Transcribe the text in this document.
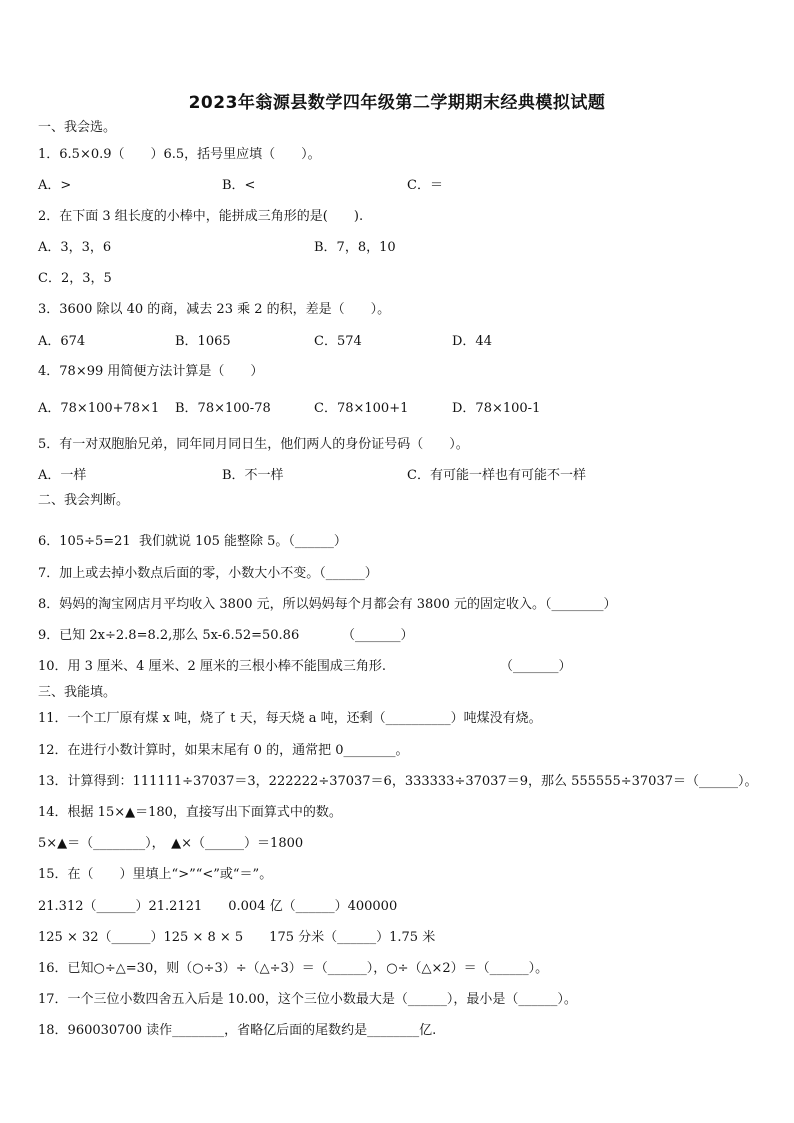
2023年翁源县数学四年级第二学期期末经典模拟试题
一、我会选。
1．6.5×0.9（　　）6.5，括号里应填（　　）。
A．>	B．<	C．＝
2．在下面 3 组长度的小棒中，能拼成三角形的是(　　).
A．3，3，6	B．7，8，10
C．2，3，5
3．3600 除以 40 的商，减去 23 乘 2 的积，差是（　　）。
A．674	B．1065	C．574	D．44
4．78×99 用简便方法计算是（　　）
A．78×100+78×1 B．78×100-78	C．78×100+1	D．78×100-1
5．有一对双胞胎兄弟，同年同月同日生，他们两人的身份证号码（　　）。
A．一样	B．不一样	C．有可能一样也有可能不一样
二、我会判断。
6．105÷5=21  我们就说 105 能整除 5。（______）
7．加上或去掉小数点后面的零，小数大小不变。（______）
8．妈妈的淘宝网店月平均收入 3800 元，所以妈妈每个月都会有 3800 元的固定收入。（________）
9．已知 2x÷2.8=8.2,那么 5x-6.52=50.86	（_______）
10．用 3 厘米、4 厘米、2 厘米的三根小棒不能围成三角形.	（_______）
三、我能填。
11．一个工厂原有煤 x 吨，烧了 t 天，每天烧 a 吨，还剩（__________）吨煤没有烧。
12．在进行小数计算时，如果末尾有 0 的，通常把 0________。
13．计算得到：111111÷37037＝3，222222÷37037＝6，333333÷37037＝9，那么 555555÷37037＝（______）。
14．根据 15×▲＝180，直接写出下面算式中的数。
5×▲＝（________），　▲×（______）＝1800
15．在（　　）里填上“>”“<”或“＝”。
21.312（______）21.2121　　0.004 亿（______）400000
125 × 32（______）125 × 8 × 5　　175 分米（______）1.75 米
16．已知○÷△=30，则（○÷3）÷（△÷3）＝（______），○÷（△×2）＝（______）。
17．一个三位小数四舍五入后是 10.00，这个三位小数最大是（______），最小是（______）。
18．960030700 读作________，省略亿后面的尾数约是________亿.
